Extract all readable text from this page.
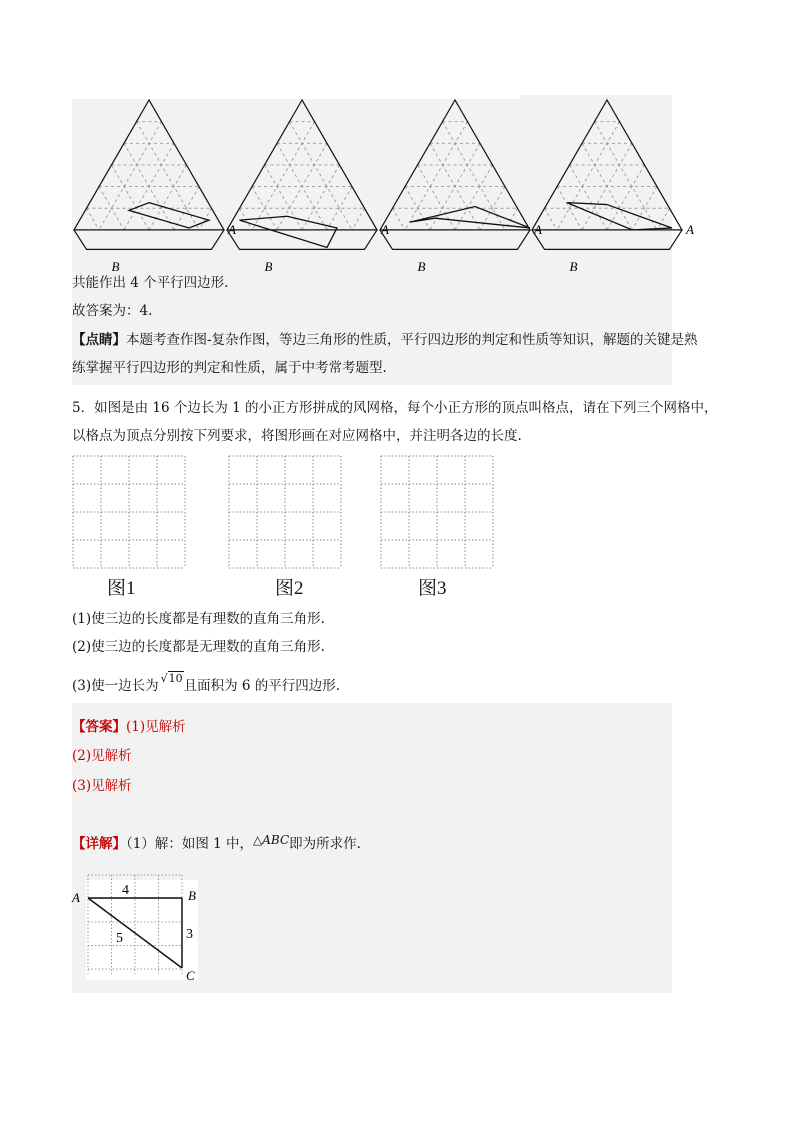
A
B
A
B
A
B
A
B
共能作出 4 个平行四边形.
故答案为：4.
【点睛】本题考查作图-复杂作图，等边三角形的性质，平行四边形的判定和性质等知识，解题的关键是熟
练掌握平行四边形的判定和性质，属于中考常考题型.
5．如图是由 16 个边长为 1 的小正方形拼成的风网格，每个小正方形的顶点叫格点，请在下列三个网格中，
以格点为顶点分别按下列要求，将图形画在对应网格中，并注明各边的长度.
图1	图2	图3
(1)使三边的长度都是有理数的直角三角形.
(2)使三边的长度都是无理数的直角三角形.
(3)使一边长为 √10且面积为 6 的平行四边形.
【答案】(1)见解析
(2)见解析
(3)见解析
【详解】（1）解：如图 1 中，△ABC即为所求作.
A	B
C
4
3
5
